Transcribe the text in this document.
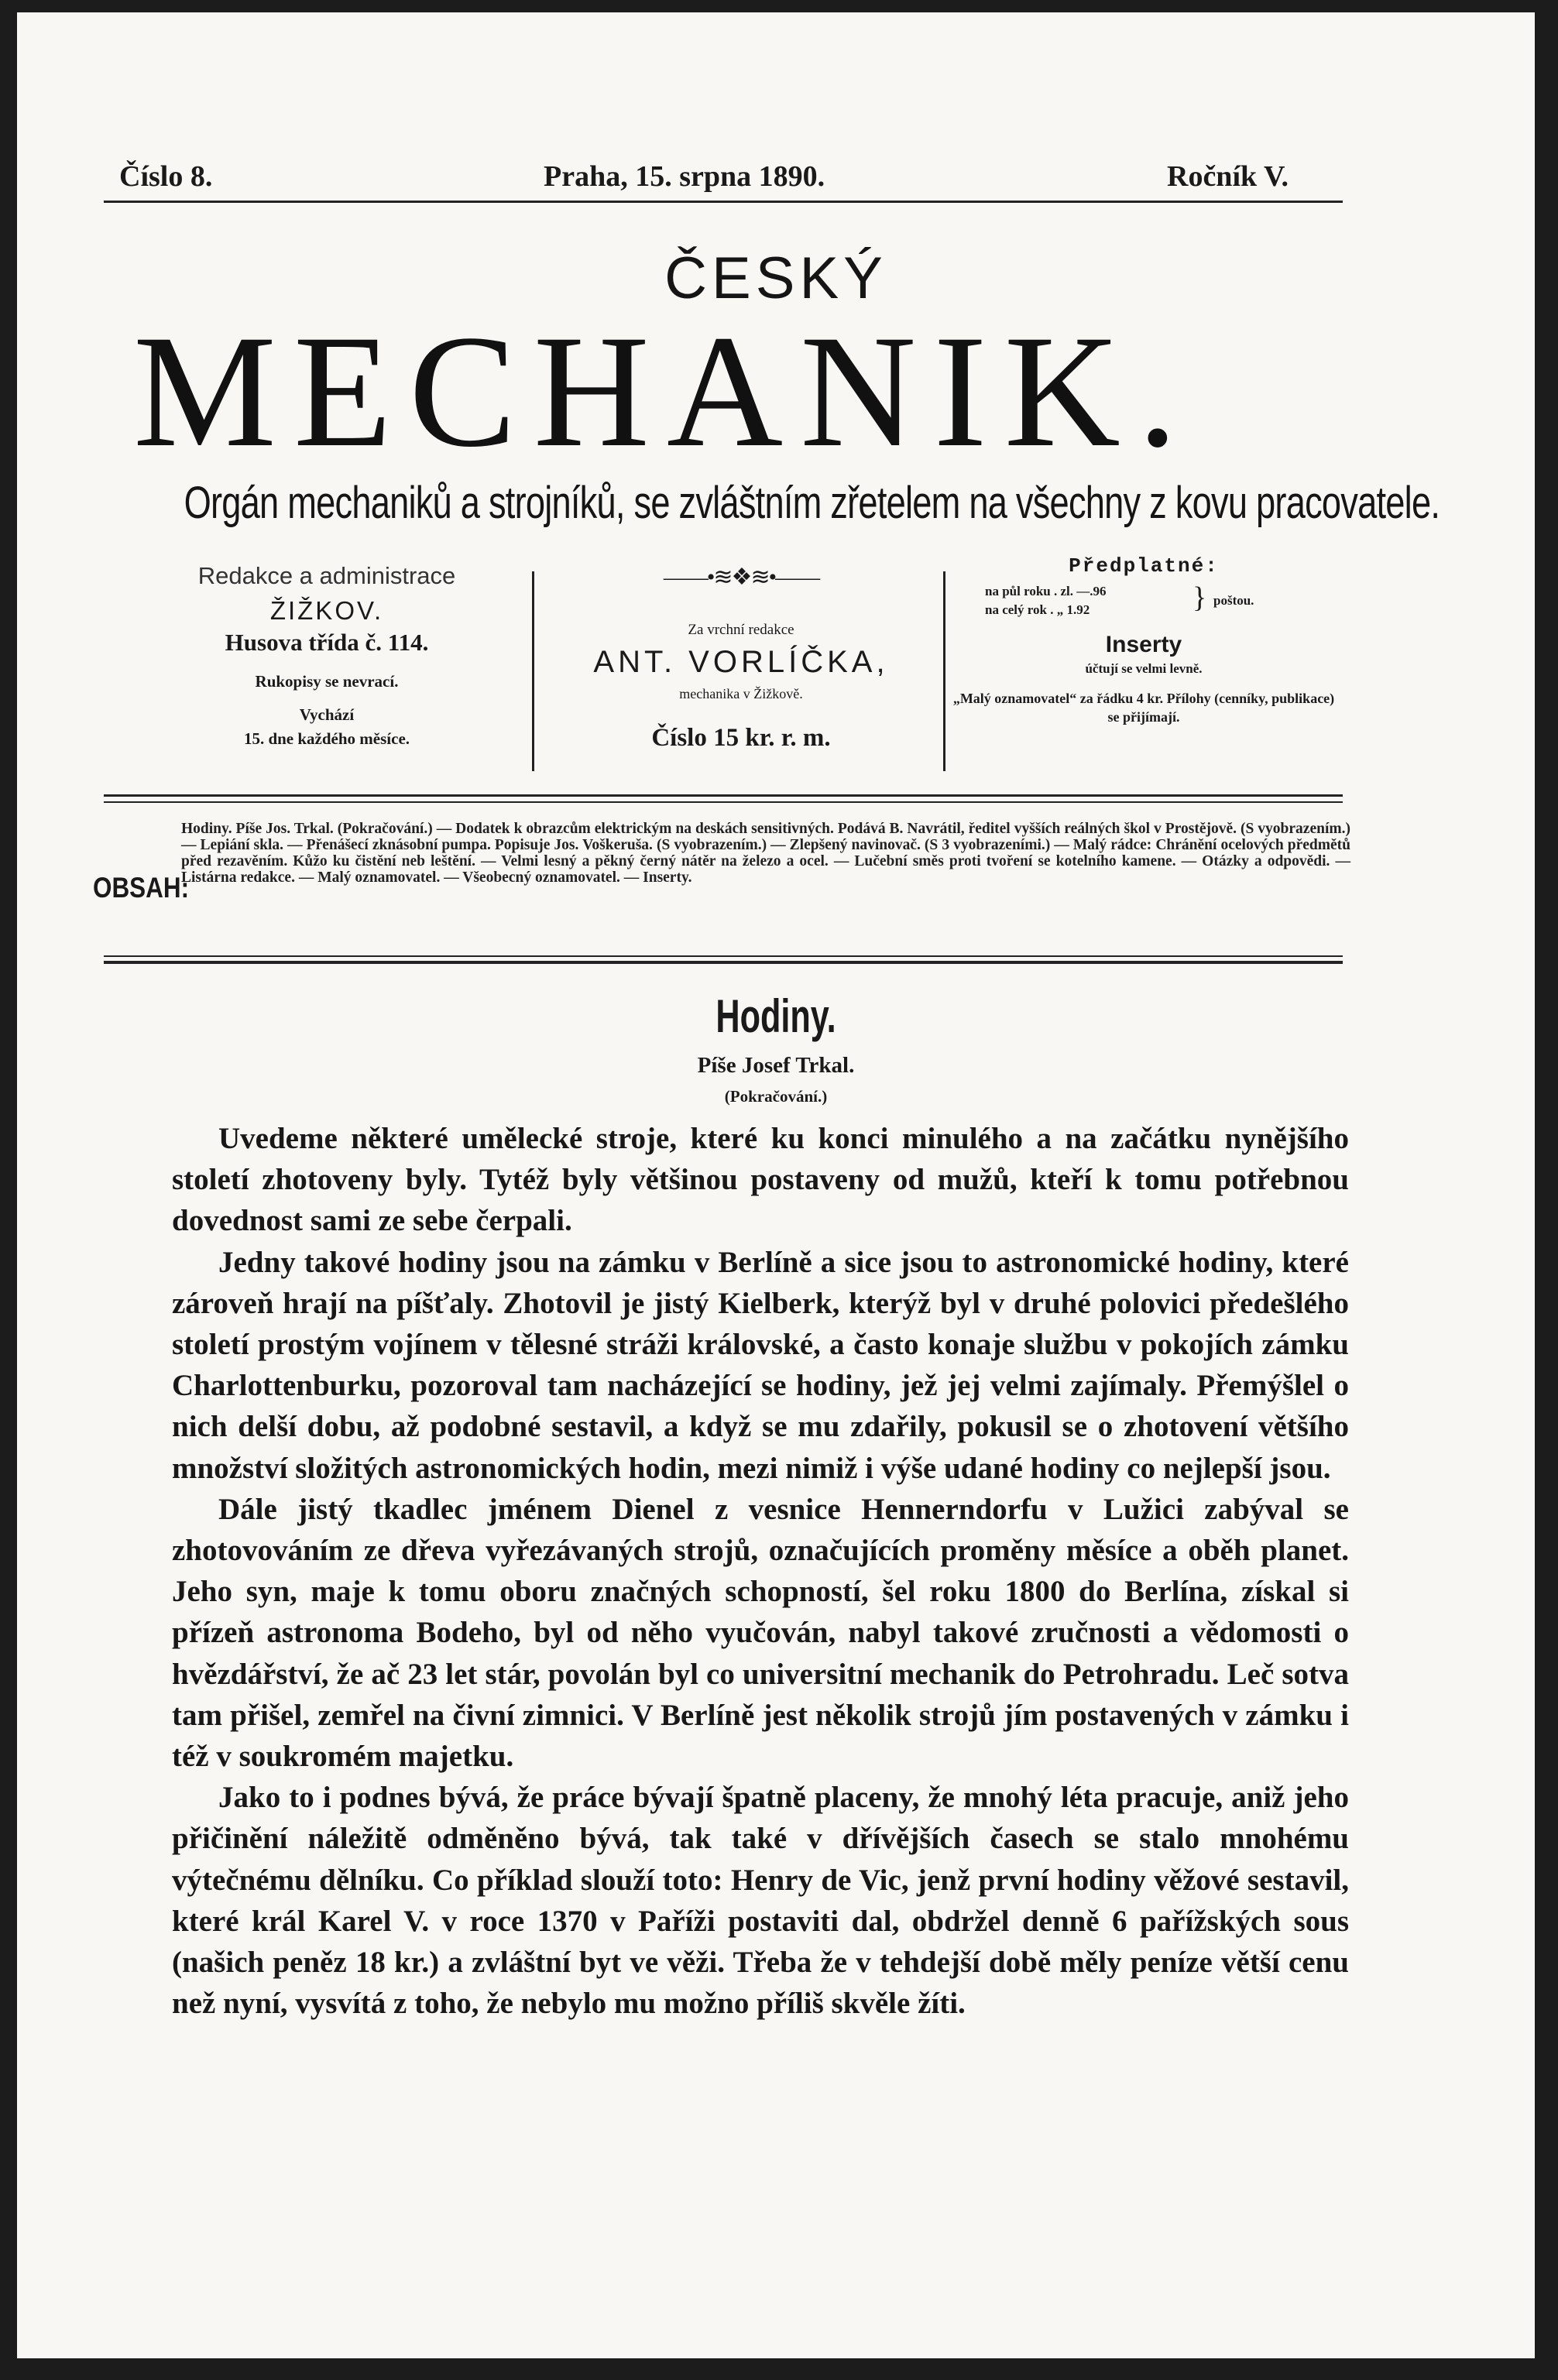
Číslo 8.	Praha, 15. srpna 1890.	Ročník V.
ČESKÝ
MECHANIK.
Orgán mechaniků a strojníků, se zvláštním zřetelem na všechny z kovu pracovatele.
Redakce a administrace
ŽIŽKOV.
Husova třída č. 114.
Rukopisy se nevrací.
Vychází
15. dne každého měsíce.
——•≋❖≋•——
Za vrchní redakce
ANT. VORLÍČKA,
mechanika v Žižkově.
Číslo 15 kr. r. m.
Předplatné:
na půl roku . zl. —.96
na celý rok . „ 1.92	} poštou.
Inserty
účtují se velmi levně.
„Malý oznamovatel“ za řádku 4 kr. Přílohy (cenníky, publikace) se přijímají.
OBSAH:
Hodiny. Píše Jos. Trkal. (Pokračování.) — Dodatek k obrazcům elektrickým na deskách sensitivných. Podává B. Navrátil, ředitel vyšších reálných škol v Prostějově. (S vyobrazením.) — Lepiání skla. — Přenášecí zknásobní pumpa. Popisuje Jos. Voškeruša. (S vyobrazením.) — Zlepšený navinovač. (S 3 vyobrazeními.) — Malý rádce: Chránění ocelových předmětů před rezavěním. Kůžo ku čistění neb leštění. — Velmi lesný a pěkný černý nátěr na železo a ocel. — Lučební směs proti tvoření se kotelního kamene. — Otázky a odpovědi. — Listárna redakce. — Malý oznamovatel. — Všeobecný oznamovatel. — Inserty.
Hodiny.
Píše Josef Trkal.
(Pokračování.)

Uvedeme některé umělecké stroje, které ku konci minulého a na začátku nynějšího století zhotoveny byly. Tytéž byly většinou postaveny od mužů, kteří k tomu potřebnou dovednost sami ze sebe čerpali.

Jedny takové hodiny jsou na zámku v Berlíně a sice jsou to astronomické hodiny, které zároveň hrají na píšťaly. Zhotovil je jistý Kielberk, kterýž byl v druhé polovici předešlého století prostým vojínem v tělesné stráži královské, a často konaje službu v pokojích zámku Charlottenburku, pozoroval tam nacházející se hodiny, jež jej velmi zajímaly. Přemýšlel o nich delší dobu, až podobné sestavil, a když se mu zdařily, pokusil se o zhotovení většího množství složitých astronomických hodin, mezi nimiž i výše udané hodiny co nejlepší jsou.

Dále jistý tkadlec jménem Dienel z vesnice Hennerndorfu v Lužici zabýval se zhotovováním ze dřeva vyřezávaných strojů, označujících proměny měsíce a oběh planet. Jeho syn, maje k tomu oboru značných schopností, šel roku 1800 do Berlína, získal si přízeň astronoma Bodeho, byl od něho vyučován, nabyl takové zručnosti a vědomosti o hvězdářství, že ač 23 let stár, povolán byl co universitní mechanik do Petrohradu. Leč sotva tam přišel, zemřel na čivní zimnici. V Berlíně jest několik strojů jím postavených v zámku i též v soukromém majetku.

Jako to i podnes bývá, že práce bývají špatně placeny, že mnohý léta pracuje, aniž jeho přičinění náležitě odměněno bývá, tak také v dřívějších časech se stalo mnohému výtečnému dělníku. Co příklad slouží toto: Henry de Vic, jenž první hodiny věžové sestavil, které král Karel V. v roce 1370 v Paříži postaviti dal, obdržel denně 6 pařížských sous (našich peněz 18 kr.) a zvláštní byt ve věži. Třeba že v tehdejší době měly peníze větší cenu než nyní, vysvítá z toho, že nebylo mu možno příliš skvěle žíti.
